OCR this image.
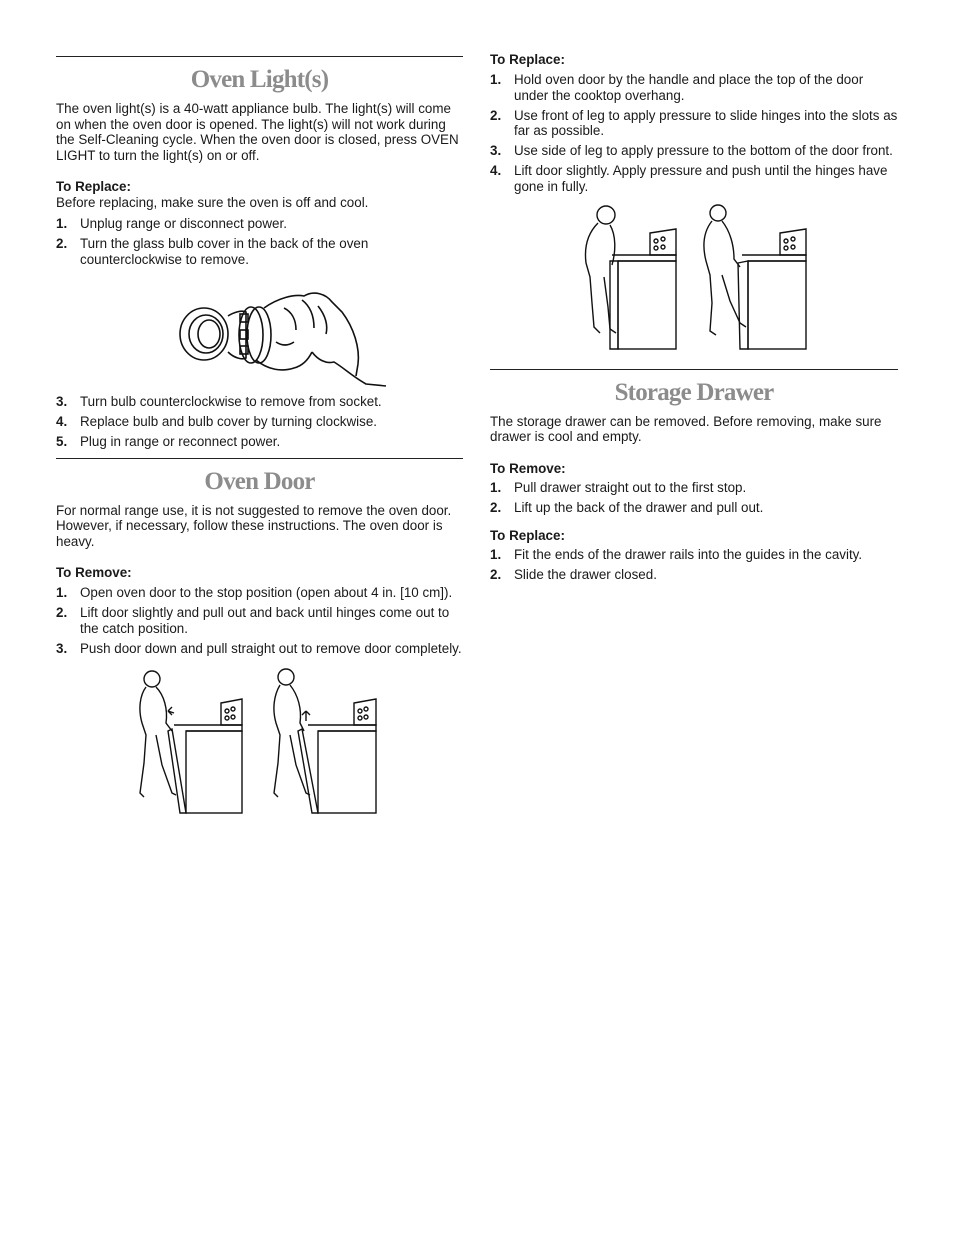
Oven Light(s)

The oven light(s) is a 40-watt appliance bulb. The light(s) will come on when the oven door is opened. The light(s) will not work during the Self-Cleaning cycle. When the oven door is closed, press OVEN LIGHT to turn the light(s) on or off.

To Replace:

Before replacing, make sure the oven is off and cool.

1. Unplug range or disconnect power.
2. Turn the glass bulb cover in the back of the oven counterclockwise to remove.
3. Turn bulb counterclockwise to remove from socket.
4. Replace bulb and bulb cover by turning clockwise.
5. Plug in range or reconnect power.
Oven Door

For normal range use, it is not suggested to remove the oven door. However, if necessary, follow these instructions. The oven door is heavy.

To Remove:

1. Open oven door to the stop position (open about 4 in. [10 cm]).
2. Lift door slightly and pull out and back until hinges come out to the catch position.
3. Push door down and pull straight out to remove door completely.

To Replace:

1. Hold oven door by the handle and place the top of the door under the cooktop overhang.
2. Use front of leg to apply pressure to slide hinges into the slots as far as possible.
3. Use side of leg to apply pressure to the bottom of the door front.
4. Lift door slightly. Apply pressure and push until the hinges have gone in fully.
Storage Drawer

The storage drawer can be removed. Before removing, make sure drawer is cool and empty.

To Remove:

1. Pull drawer straight out to the first stop.
2. Lift up the back of the drawer and pull out.

To Replace:

1. Fit the ends of the drawer rails into the guides in the cavity.
2. Slide the drawer closed.
